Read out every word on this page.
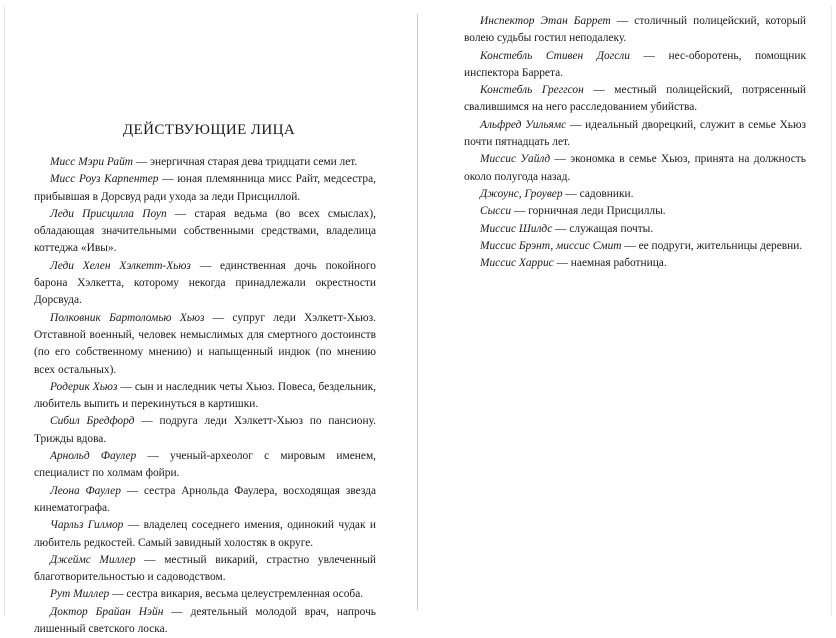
ДЕЙСТВУЮЩИЕ ЛИЦА

Мисс Мэри Райт — энергичная старая дева тридцати семи лет.

Мисс Роуз Карпентер — юная племянница мисс Райт, медсестра, прибывшая в Дорсвуд ради ухода за леди Присциллой.

Леди Присцилла Поуп — старая ведьма (во всех смыслах), обладающая значительными собственными средствами, владелица коттеджа «Ивы».

Леди Хелен Хэлкетт-Хьюз — единственная дочь покойного барона Хэлкетта, которому некогда принадлежали окрестности Дорсвуда.

Полковник Бартоломью Хьюз — супруг леди Хэлкетт-Хьюз. Отставной военный, человек немыслимых для смертного достоинств (по его собственному мнению) и напыщенный индюк (по мнению всех остальных).

Родерик Хьюз — сын и наследник четы Хьюз. Повеса, бездельник, любитель выпить и перекинуться в картишки.

Сибил Бредфорд — подруга леди Хэлкетт-Хьюз по пансиону. Трижды вдова.

Арнольд Фаулер — ученый-археолог с мировым именем, специалист по холмам фойри.

Леона Фаулер — сестра Арнольда Фаулера, восходящая звезда кинематографа.

Чарльз Гилмор — владелец соседнего имения, одинокий чудак и любитель редкостей. Самый завидный холостяк в округе.

Джеймс Миллер — местный викарий, страстно увлеченный благотворительностью и садоводством.

Рут Миллер — сестра викария, весьма целеустремленная особа.

Доктор Брайан Нэйн — деятельный молодой врач, напрочь лишенный светского лоска.

Инспектор Этан Баррет — столичный полицейский, который волею судьбы гостил неподалеку.

Констебль Стивен Догсли — нес-оборотень, помощник инспектора Баррета.

Констебль Греггсон — местный полицейский, потрясенный свалившимся на него расследованием убийства.

Альфред Уильямс — идеальный дворецкий, служит в семье Хьюз почти пятнадцать лет.

Миссис Уайлд — экономка в семье Хьюз, принята на должность около полугода назад.

Джоунс, Гроувер — садовники.

Сысси — горничная леди Присциллы.

Миссис Шилдс — служащая почты.

Миссис Брэнт, миссис Смит — ее подруги, жительницы деревни.

Миссис Харрис — наемная работница.
